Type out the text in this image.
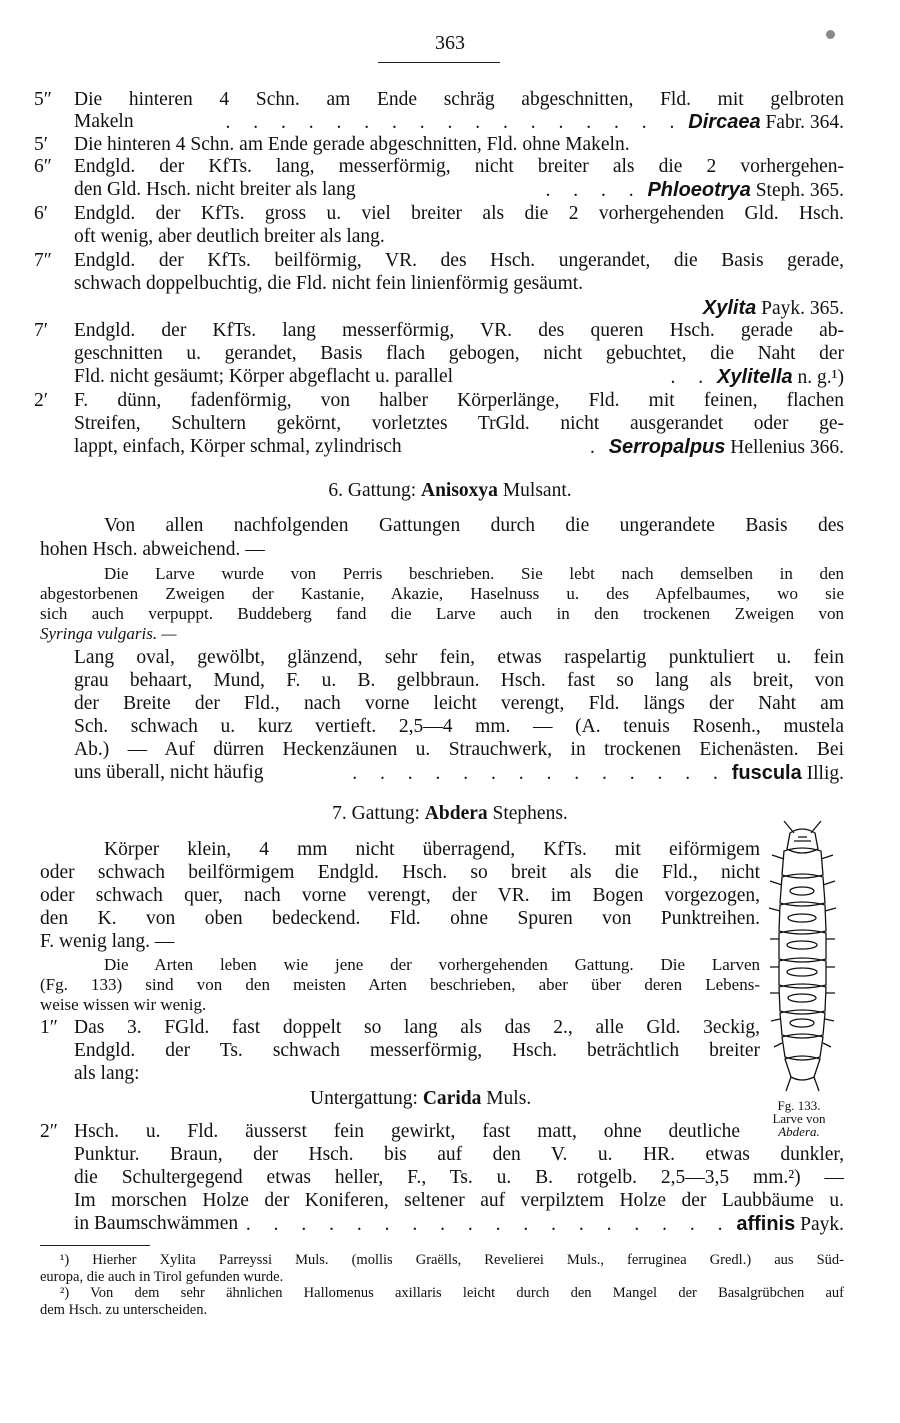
363
5″ Die hinteren 4 Schn. am Ende schräg abgeschnitten, Fld. mit gelbroten
Makeln	. . . . . . . . . . . . . . . . . Dircaea Fabr. 364.
5′ Die hinteren 4 Schn. am Ende gerade abgeschnitten, Fld. ohne Makeln.
6″ Endgld. der KfTs. lang, messerförmig, nicht breiter als die 2 vorhergehen-
den Gld. Hsch. nicht breiter als lang	. . . . Phloeotrya Steph. 365.
6′ Endgld. der KfTs. gross u. viel breiter als die 2 vorhergehenden Gld. Hsch.
oft wenig, aber deutlich breiter als lang.
7″ Endgld. der KfTs. beilförmig, VR. des Hsch. ungerandet, die Basis gerade,
schwach doppelbuchtig, die Fld. nicht fein linienförmig gesäumt.
Xylita Payk. 365.
7′ Endgld. der KfTs. lang messerförmig, VR. des queren Hsch. gerade ab-
geschnitten u. gerandet, Basis flach gebogen, nicht gebuchtet, die Naht der
Fld. nicht gesäumt; Körper abgeflacht u. parallel	. . Xylitella n. g.¹)
2′ F. dünn, fadenförmig, von halber Körperlänge, Fld. mit feinen, flachen
Streifen, Schultern gekörnt, vorletztes TrGld. nicht ausgerandet oder ge-
lappt, einfach, Körper schmal, zylindrisch	. Serropalpus Hellenius 366.
6. Gattung: Anisoxya Mulsant.
Von allen nachfolgenden Gattungen durch die ungerandete Basis des
hohen Hsch. abweichend. —
Die Larve wurde von Perris beschrieben. Sie lebt nach demselben in den
abgestorbenen Zweigen der Kastanie, Akazie, Haselnuss u. des Apfelbaumes, wo sie
sich auch verpuppt. Buddeberg fand die Larve auch in den trockenen Zweigen von
Syringa vulgaris. —
Lang oval, gewölbt, glänzend, sehr fein, etwas raspelartig punktuliert u. fein
grau behaart, Mund, F. u. B. gelbbraun. Hsch. fast so lang als breit, von
der Breite der Fld., nach vorne leicht verengt, Fld. längs der Naht am
Sch. schwach u. kurz vertieft. 2,5—4 mm. — (A. tenuis Rosenh., mustela
Ab.) — Auf dürren Heckenzäunen u. Strauchwerk, in trockenen Eichenästen. Bei
uns überall, nicht häufig	. . . . . . . . . . . . . . fuscula Illig.
7. Gattung: Abdera Stephens.
Körper klein, 4 mm nicht überragend, KfTs. mit eiförmigem
oder schwach beilförmigem Endgld. Hsch. so breit als die Fld., nicht
oder schwach quer, nach vorne verengt, der VR. im Bogen vorgezogen,
den K. von oben bedeckend. Fld. ohne Spuren von Punktreihen.
F. wenig lang. —
Die Arten leben wie jene der vorhergehenden Gattung. Die Larven
(Fg. 133) sind von den meisten Arten beschrieben, aber über deren Lebens-
weise wissen wir wenig.
1″ Das 3. FGld. fast doppelt so lang als das 2., alle Gld. 3eckig,
Endgld. der Ts. schwach messerförmig, Hsch. beträchtlich breiter
als lang:
Untergattung: Carida Muls.
2″ Hsch. u. Fld. äusserst fein gewirkt, fast matt, ohne deutliche
Punktur. Braun, der Hsch. bis auf den V. u. HR. etwas dunkler,
die Schultergegend etwas heller, F., Ts. u. B. rotgelb. 2,5—3,5 mm.²) —
Im morschen Holze der Koniferen, seltener auf verpilztem Holze der Laubbäume u.
in Baumschwämmen . . . . . . . . . . . . . . . . . . affinis Payk.
Fg. 133.
Larve von
Abdera.
¹) Hierher Xylita Parreyssi Muls. (mollis Graëlls, Revelierei Muls., ferruginea Gredl.) aus Süd-
europa, die auch in Tirol gefunden wurde.
²) Von dem sehr ähnlichen Hallomenus axillaris leicht durch den Mangel der Basalgrübchen auf
dem Hsch. zu unterscheiden.
